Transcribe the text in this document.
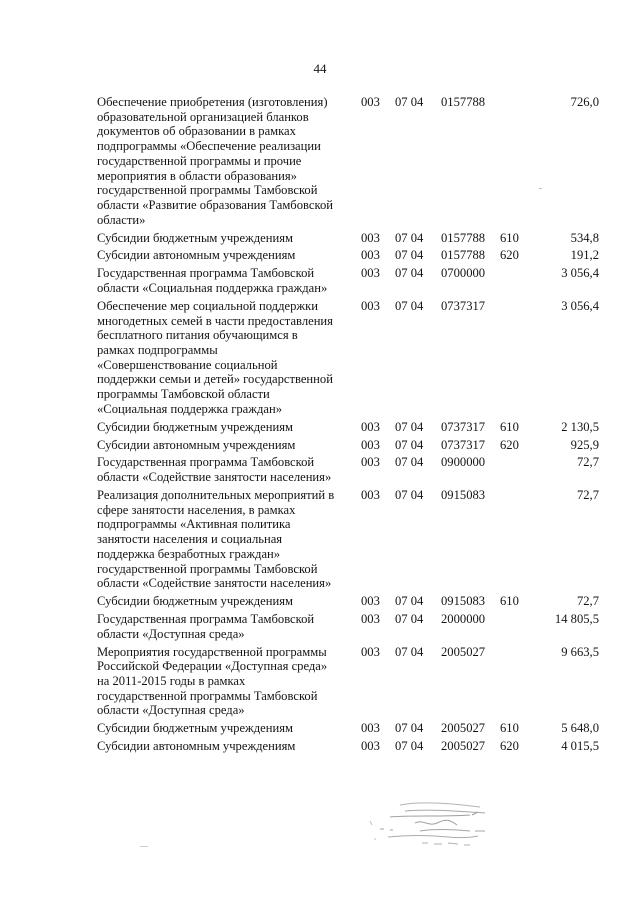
44
Обеспечение приобретения (изготовления)
образовательной организацией бланков
документов об образовании в рамках
подпрограммы «Обеспечение реализации
государственной программы и прочие
мероприятия в области образования»
государственной программы Тамбовской
области «Развитие образования Тамбовской
области»
003 07 04 0157788	726,0
Субсидии бюджетным учреждениям	003 07 04 0157788 610	534,8
Субсидии автономным учреждениям	003 07 04 0157788 620	191,2
Государственная программа Тамбовской
области «Социальная поддержка граждан»
003 07 04 0700000	3 056,4
Обеспечение мер социальной поддержки
многодетных семей в части предоставления
бесплатного питания обучающимся в
рамках подпрограммы
«Совершенствование социальной
поддержки семьи и детей» государственной
программы Тамбовской области
«Социальная поддержка граждан»
003 07 04 0737317	3 056,4
Субсидии бюджетным учреждениям	003 07 04 0737317 610	2 130,5
Субсидии автономным учреждениям	003 07 04 0737317 620	925,9
Государственная программа Тамбовской
области «Содействие занятости населения»
003 07 04 0900000	72,7
Реализация дополнительных мероприятий в
сфере занятости населения, в рамках
подпрограммы «Активная политика
занятости населения и социальная
поддержка безработных граждан»
государственной программы Тамбовской
области «Содействие занятости населения»
003 07 04 0915083	72,7
Субсидии бюджетным учреждениям	003 07 04 0915083 610	72,7
Государственная программа Тамбовской
области «Доступная среда»
003 07 04 2000000	14 805,5
Мероприятия государственной программы
Российской Федерации «Доступная среда»
на 2011-2015 годы в рамках
государственной программы Тамбовской
области «Доступная среда»
003 07 04 2005027	9 663,5
Субсидии бюджетным учреждениям	003 07 04 2005027 610	5 648,0
Субсидии автономным учреждениям	003 07 04 2005027 620	4 015,5
